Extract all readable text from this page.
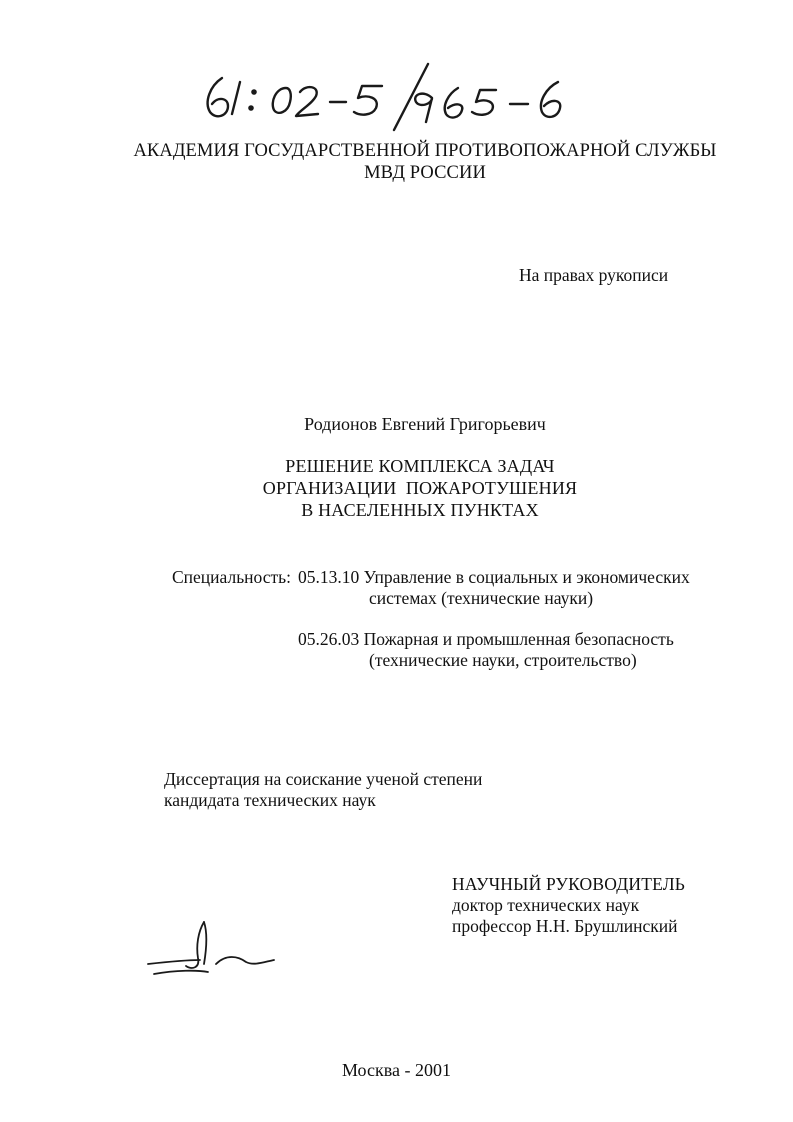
АКАДЕМИЯ ГОСУДАРСТВЕННОЙ ПРОТИВОПОЖАРНОЙ СЛУЖБЫ
МВД РОССИИ
На правах рукописи
Родионов Евгений Григорьевич
РЕШЕНИЕ КОМПЛЕКСА ЗАДАЧ
ОРГАНИЗАЦИИ  ПОЖАРОТУШЕНИЯ
В НАСЕЛЕННЫХ ПУНКТАХ
Специальность: 05.13.10 Управление в социальных и экономических
системах (технические науки)
05.26.03 Пожарная и промышленная безопасность
(технические науки, строительство)
Диссертация на соискание ученой степени
кандидата технических наук
НАУЧНЫЙ РУКОВОДИТЕЛЬ
доктор технических наук
профессор Н.Н. Брушлинский
Москва - 2001
